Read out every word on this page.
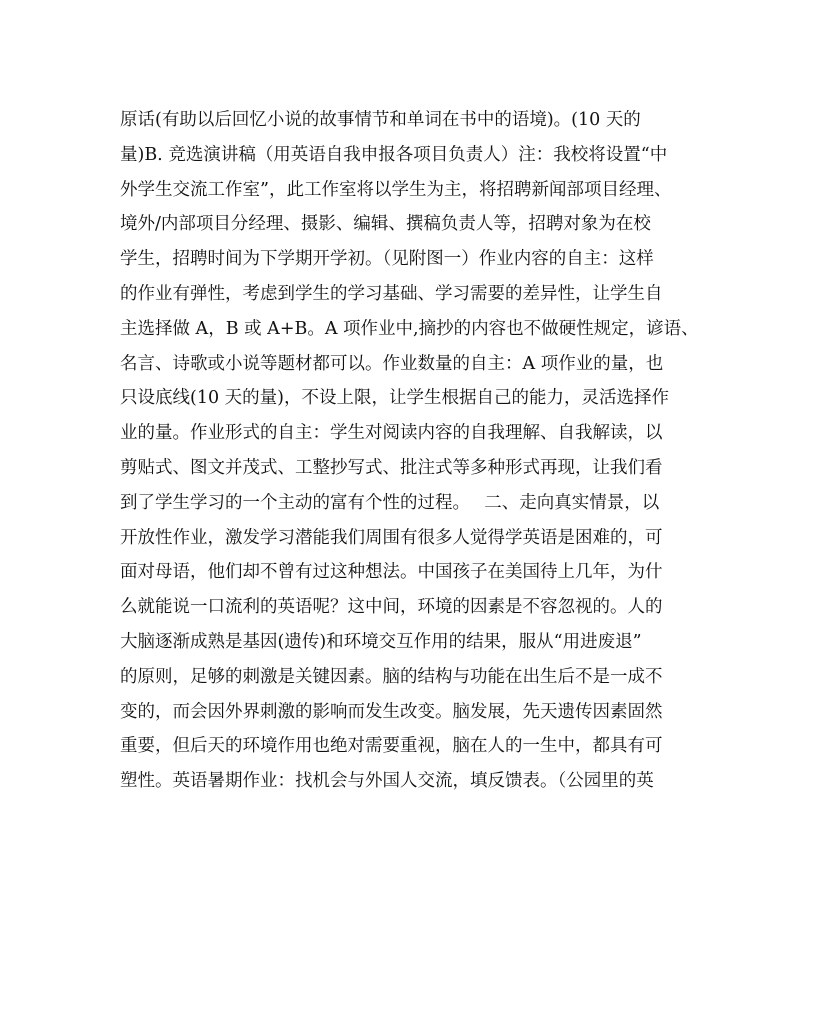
原话(有助以后回忆小说的故事情节和单词在书中的语境)。(10 天的
量)B. 竞选演讲稿（用英语自我申报各项目负责人）注：我校将设置“中
外学生交流工作室”，此工作室将以学生为主，将招聘新闻部项目经理、
境外/内部项目分经理、摄影、编辑、撰稿负责人等，招聘对象为在校
学生，招聘时间为下学期开学初。（见附图一）作业内容的自主：这样
的作业有弹性，考虑到学生的学习基础、学习需要的差异性，让学生自
主选择做 A，B 或 A+B。A 项作业中,摘抄的内容也不做硬性规定，谚语、
名言、诗歌或小说等题材都可以。作业数量的自主：A 项作业的量，也
只设底线(10 天的量)，不设上限，让学生根据自己的能力，灵活选择作
业的量。作业形式的自主：学生对阅读内容的自我理解、自我解读，以
剪贴式、图文并茂式、工整抄写式、批注式等多种形式再现，让我们看
到了学生学习的一个主动的富有个性的过程。　 二、走向真实情景，以
开放性作业，激发学习潜能我们周围有很多人觉得学英语是困难的，可
面对母语，他们却不曾有过这种想法。中国孩子在美国待上几年，为什
么就能说一口流利的英语呢？这中间，环境的因素是不容忽视的。人的
大脑逐渐成熟是基因(遗传)和环境交互作用的结果，服从“用进废退”
的原则，足够的刺激是关键因素。脑的结构与功能在出生后不是一成不
变的，而会因外界刺激的影响而发生改变。脑发展，先天遗传因素固然
重要，但后天的环境作用也绝对需要重视，脑在人的一生中，都具有可
塑性。英语暑期作业：找机会与外国人交流，填反馈表。（公园里的英
